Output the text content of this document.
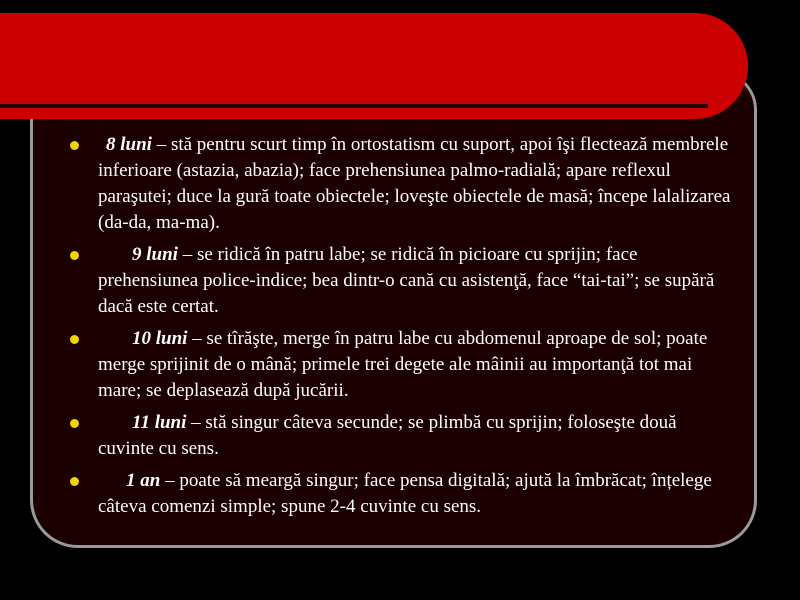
8 luni – stă pentru scurt timp în ortostatism cu suport, apoi îşi flectează membrele inferioare (astazia, abazia); face prehensiunea palmo-radială; apare reflexul paraşutei; duce la gură toate obiectele; loveşte obiectele de masă; începe lalalizarea (da-da, ma-ma).
9 luni – se ridică în patru labe; se ridică în picioare cu sprijin; face prehensiunea police-indice; bea dintr-o cană cu asistenţă, face “tai-tai”; se supără dacă este certat.
10 luni – se tîrăşte, merge în patru labe cu abdomenul aproape de sol; poate merge sprijinit de o mână; primele trei degete ale mâinii au importanţă tot mai mare; se deplasează după jucării.
11 luni – stă singur câteva secunde; se plimbă cu sprijin; foloseşte două cuvinte cu sens.
1 an – poate să meargă singur; face pensa digitală; ajută la îmbrăcat; înțelege câteva comenzi simple; spune 2-4 cuvinte cu sens.
